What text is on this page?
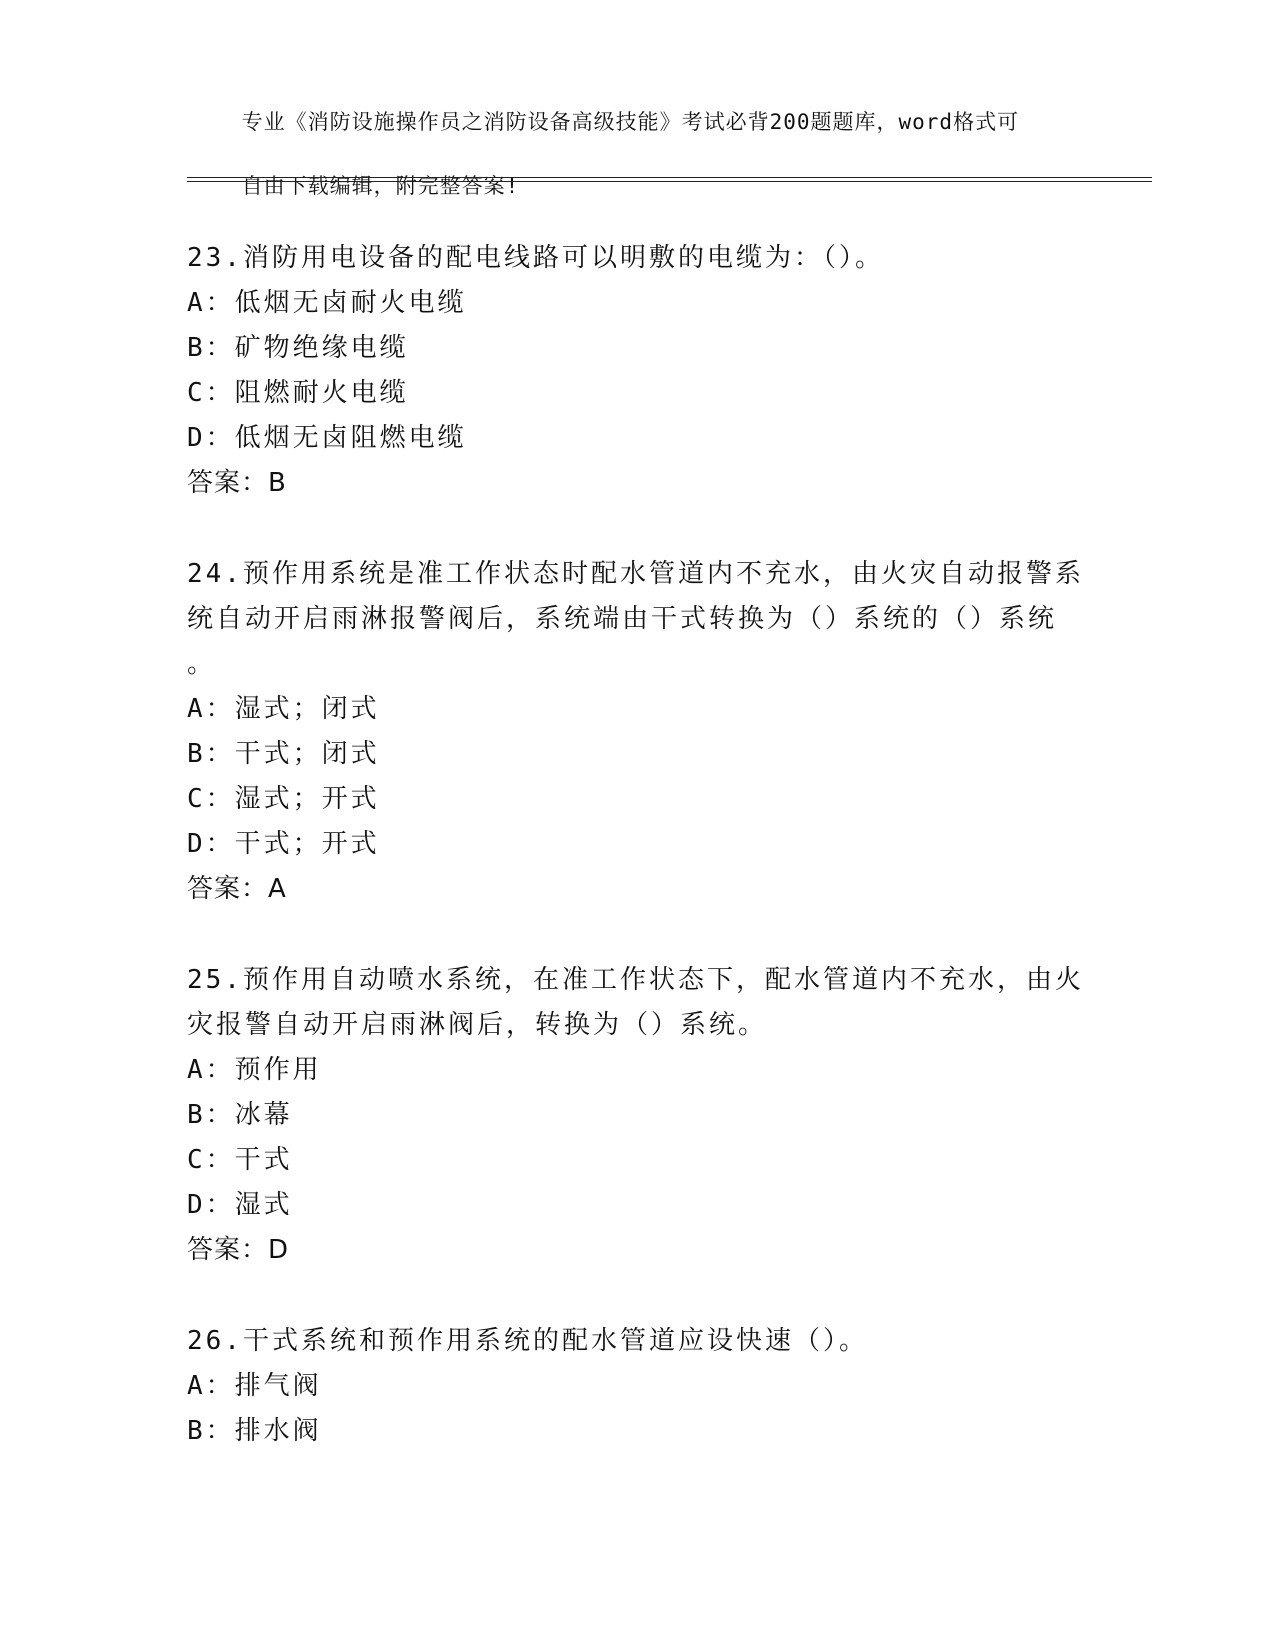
专业《消防设施操作员之消防设备高级技能》考试必背200题题库，word格式可

自由下载编辑，附完整答案!

23.消防用电设备的配电线路可以明敷的电缆为：（）。
A：低烟无卤耐火电缆
B：矿物绝缘电缆
C：阻燃耐火电缆
D：低烟无卤阻燃电缆
答案：B
24.预作用系统是准工作状态时配水管道内不充水，由火灾自动报警系
统自动开启雨淋报警阀后，系统端由干式转换为（）系统的（）系统
。
A：湿式；闭式
B：干式；闭式
C：湿式；开式
D：干式；开式
答案：A
25.预作用自动喷水系统，在准工作状态下，配水管道内不充水，由火
灾报警自动开启雨淋阀后，转换为（）系统。
A：预作用
B：冰幕
C：干式
D：湿式
答案：D
26.干式系统和预作用系统的配水管道应设快速（）。
A：排气阀
B：排水阀
